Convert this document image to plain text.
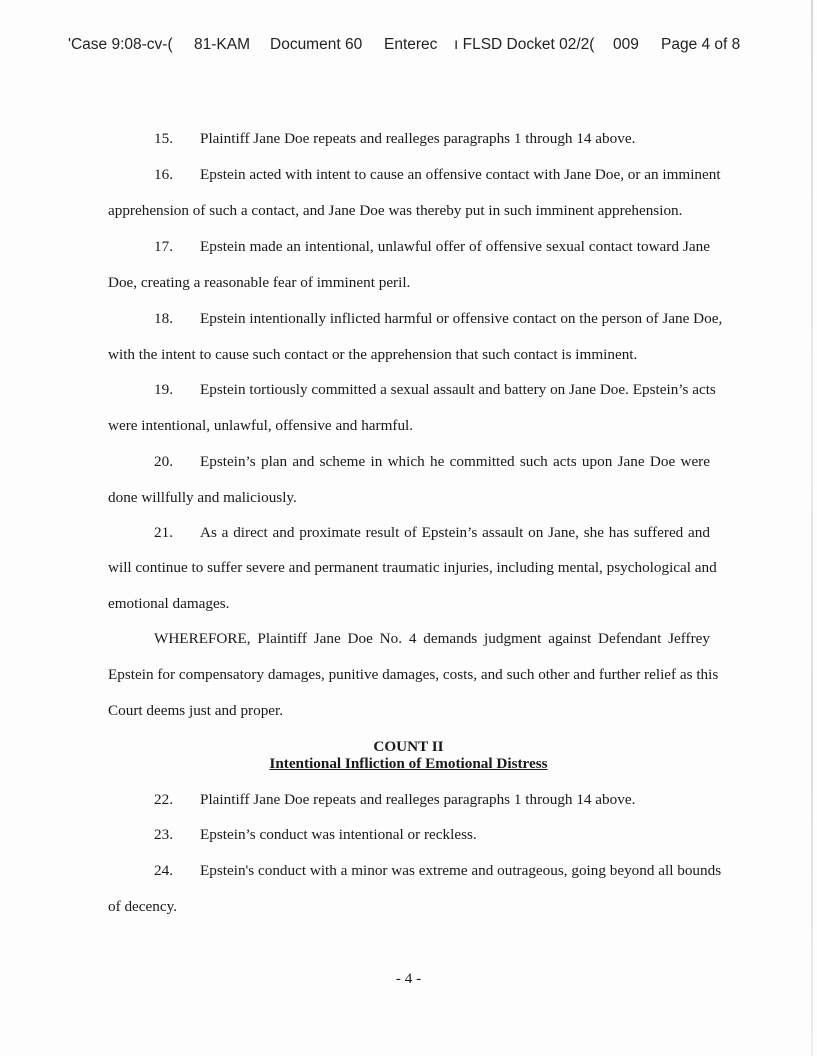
'Case 9:08-cv-( 81-KAM Document 60 Enterec ı FLSD Docket 02/2( 009 Page 4 of 8
15. Plaintiff Jane Doe repeats and realleges paragraphs 1 through 14 above.
16. Epstein acted with intent to cause an offensive contact with Jane Doe, or an imminent
apprehension of such a contact, and Jane Doe was thereby put in such imminent apprehension.
17. Epstein made an intentional, unlawful offer of offensive sexual contact toward Jane
Doe, creating a reasonable fear of imminent peril.
18. Epstein intentionally inflicted harmful or offensive contact on the person of Jane Doe,
with the intent to cause such contact or the apprehension that such contact is imminent.
19. Epstein tortiously committed a sexual assault and battery on Jane Doe. Epstein’s acts
were intentional, unlawful, offensive and harmful.
20. Epstein’s plan and scheme in which he committed such acts upon Jane Doe were
done willfully and maliciously.
21. As a direct and proximate result of Epstein’s assault on Jane, she has suffered and
will continue to suffer severe and permanent traumatic injuries, including mental, psychological and
emotional damages.
WHEREFORE, Plaintiff Jane Doe No. 4 demands judgment against Defendant Jeffrey
Epstein for compensatory damages, punitive damages, costs, and such other and further relief as this
Court deems just and proper.
COUNT II
Intentional Infliction of Emotional Distress
22. Plaintiff Jane Doe repeats and realleges paragraphs 1 through 14 above.
23. Epstein’s conduct was intentional or reckless.
24. Epstein's conduct with a minor was extreme and outrageous, going beyond all bounds
of decency.
- 4 -
